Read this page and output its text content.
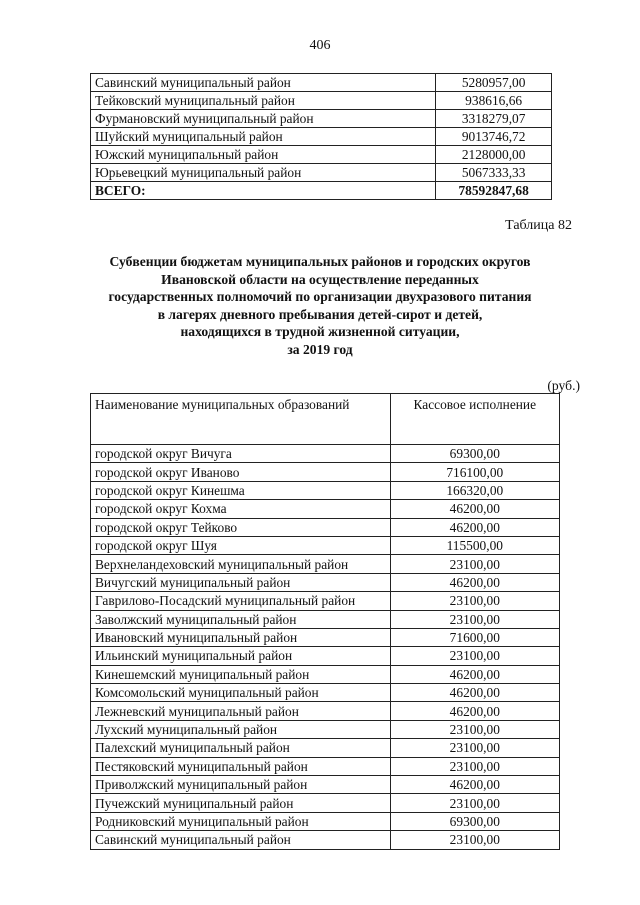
406
Савинский муниципальный район	5280957,00
Тейковский муниципальный район	938616,66
Фурмановский муниципальный район	3318279,07
Шуйский муниципальный район	9013746,72
Южский муниципальный район	2128000,00
Юрьевецкий муниципальный район	5067333,33
ВСЕГО:	78592847,68
Таблица 82
Субвенции бюджетам муниципальных районов и городских округов
Ивановской области на осуществление переданных
государственных полномочий по организации двухразового питания
в лагерях дневного пребывания детей-сирот и детей,
находящихся в трудной жизненной ситуации,
за 2019 год
(руб.)
Наименование муниципальных образований	Кассовое исполнение
городской округ Вичуга	69300,00
городской округ Иваново	716100,00
городской округ Кинешма	166320,00
городской округ Кохма	46200,00
городской округ Тейково	46200,00
городской округ Шуя	115500,00
Верхнеландеховский муниципальный район	23100,00
Вичугский муниципальный район	46200,00
Гаврилово-Посадский муниципальный район	23100,00
Заволжский муниципальный район	23100,00
Ивановский муниципальный район	71600,00
Ильинский муниципальный район	23100,00
Кинешемский муниципальный район	46200,00
Комсомольский муниципальный район	46200,00
Лежневский муниципальный район	46200,00
Лухский муниципальный район	23100,00
Палехский муниципальный район	23100,00
Пестяковский муниципальный район	23100,00
Приволжский муниципальный район	46200,00
Пучежский муниципальный район	23100,00
Родниковский муниципальный район	69300,00
Савинский муниципальный район	23100,00
